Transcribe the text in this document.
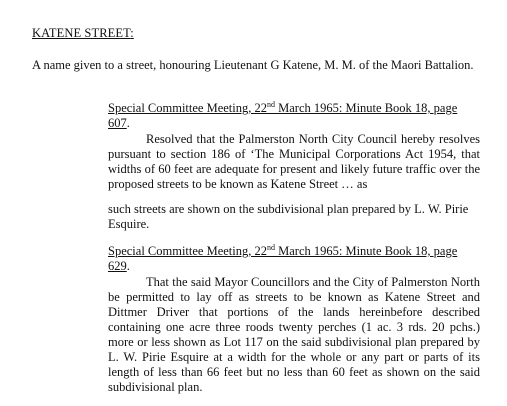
KATENE STREET:
A name given to a street, honouring Lieutenant G Katene, M. M. of the Maori Battalion.
Special Committee Meeting, 22nd March 1965: Minute Book 18, page 607.
Resolved that the Palmerston North City Council hereby resolves pursuant to section 186 of ‘The Municipal Corporations Act 1954, that widths of 60 feet are adequate for present and likely future traffic over the proposed streets to be known as Katene Street … as
such streets are shown on the subdivisional plan prepared by L. W. Pirie Esquire.
Special Committee Meeting, 22nd March 1965: Minute Book 18, page 629.
That the said Mayor Councillors and the City of Palmerston North be permitted to lay off as streets to be known as Katene Street and Dittmer Driver that portions of the lands hereinbefore described containing one acre three roods twenty perches (1 ac. 3 rds. 20 pchs.) more or less shown as Lot 117 on the said subdivisional plan prepared by L. W. Pirie Esquire at a width for the whole or any part or parts of its length of less than 66 feet but no less than 60 feet as shown on the said subdivisional plan.
